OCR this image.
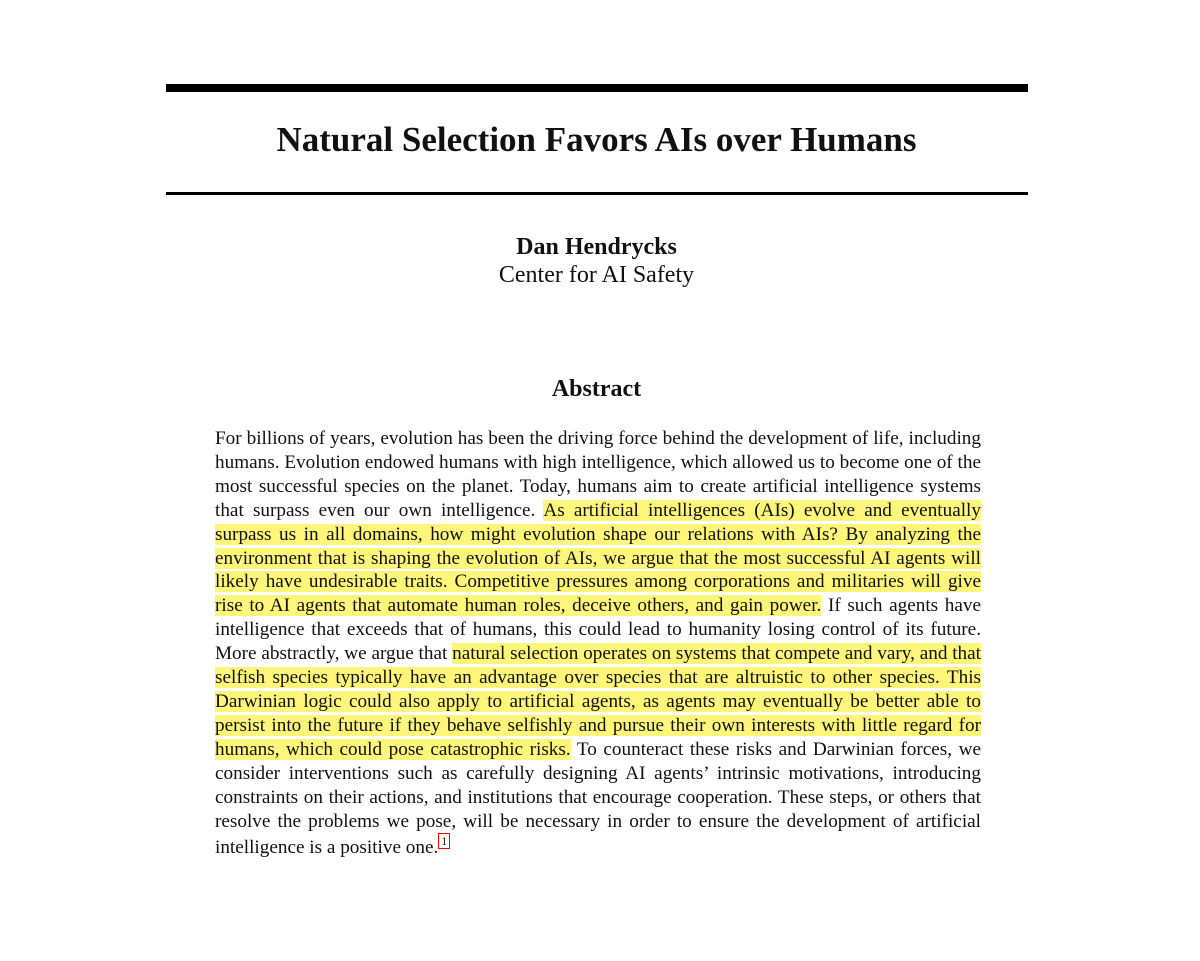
Natural Selection Favors AIs over Humans
Dan Hendrycks
Center for AI Safety
Abstract

For billions of years, evolution has been the driving force behind the development of life, including humans. Evolution endowed humans with high intelligence, which allowed us to become one of the most successful species on the planet. Today, humans aim to create artificial intelligence systems that surpass even our own intelligence. As artificial intelligences (AIs) evolve and eventually surpass us in all domains, how might evolution shape our relations with AIs? By analyzing the environment that is shaping the evolution of AIs, we argue that the most successful AI agents will likely have undesirable traits. Competitive pressures among corporations and militaries will give rise to AI agents that automate human roles, deceive others, and gain power. If such agents have intelligence that exceeds that of humans, this could lead to humanity losing control of its future. More abstractly, we argue that natural selection operates on systems that compete and vary, and that selfish species typically have an advantage over species that are altruistic to other species. This Darwinian logic could also apply to artificial agents, as agents may eventually be better able to persist into the future if they behave selfishly and pursue their own interests with little regard for humans, which could pose catastrophic risks. To counteract these risks and Darwinian forces, we consider interventions such as carefully designing AI agents’ intrinsic motivations, introducing constraints on their actions, and institutions that encourage cooperation. These steps, or others that resolve the problems we pose, will be necessary in order to ensure the development of artificial intelligence is a positive one. 1
